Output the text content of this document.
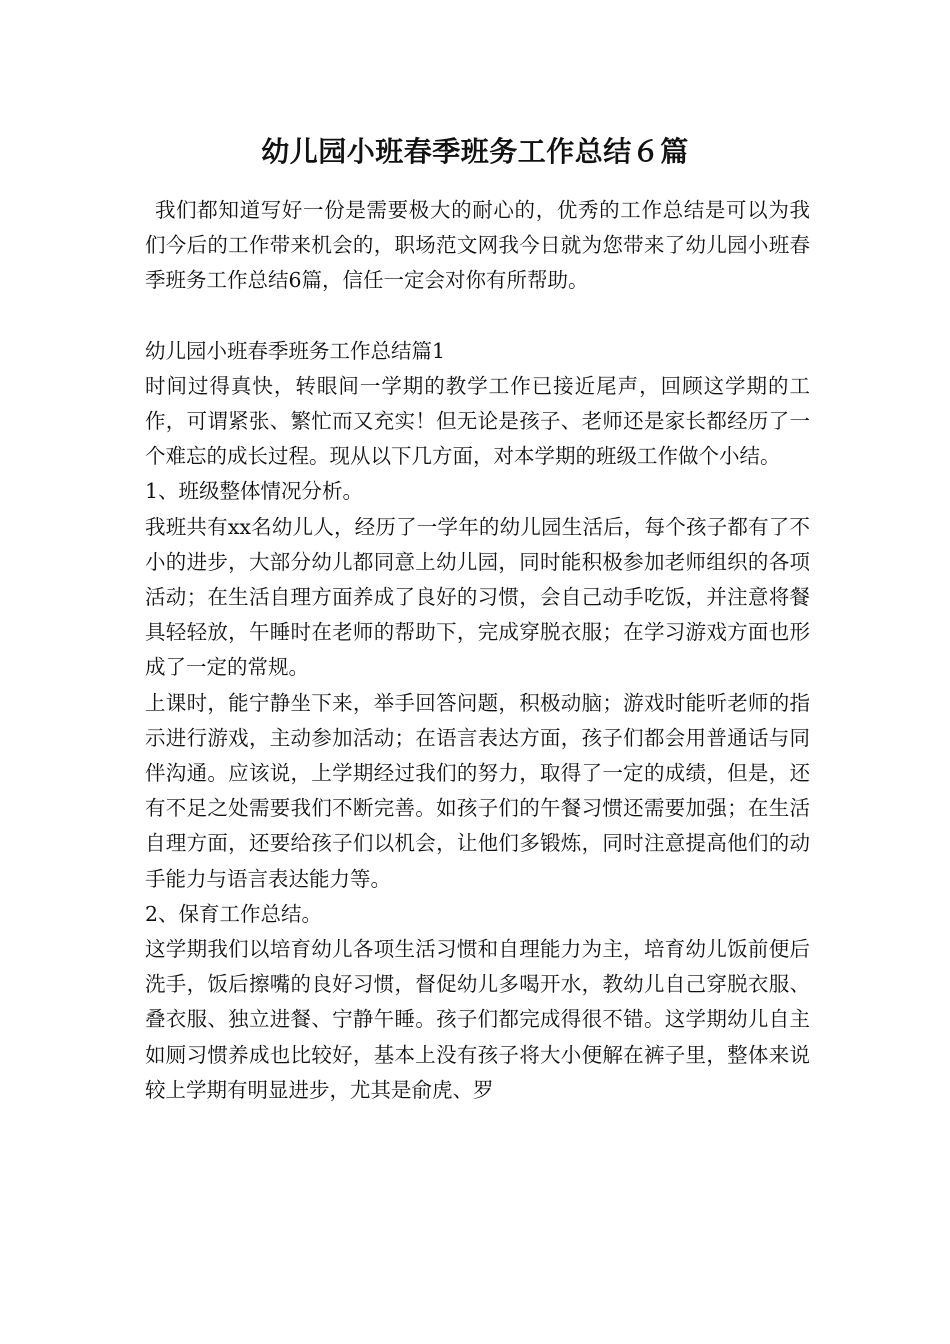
幼儿园小班春季班务工作总结６篇

我们都知道写好一份是需要极大的耐心的，优秀的工作总结是可以为我们今后的工作带来机会的，职场范文网我今日就为您带来了幼儿园小班春季班务工作总结6篇，信任一定会对你有所帮助。

幼儿园小班春季班务工作总结篇1

时间过得真快，转眼间一学期的教学工作已接近尾声，回顾这学期的工作，可谓紧张、繁忙而又充实！但无论是孩子、老师还是家长都经历了一个难忘的成长过程。现从以下几方面，对本学期的班级工作做个小结。

1、班级整体情况分析。

我班共有xx名幼儿人，经历了一学年的幼儿园生活后，每个孩子都有了不小的进步，大部分幼儿都同意上幼儿园，同时能积极参加老师组织的各项活动；在生活自理方面养成了良好的习惯，会自己动手吃饭，并注意将餐具轻轻放，午睡时在老师的帮助下，完成穿脱衣服；在学习游戏方面也形成了一定的常规。

上课时，能宁静坐下来，举手回答问题，积极动脑；游戏时能听老师的指示进行游戏，主动参加活动；在语言表达方面，孩子们都会用普通话与同伴沟通。应该说，上学期经过我们的努力，取得了一定的成绩，但是，还有不足之处需要我们不断完善。如孩子们的午餐习惯还需要加强；在生活自理方面，还要给孩子们以机会，让他们多锻炼，同时注意提高他们的动手能力与语言表达能力等。

2、保育工作总结。

这学期我们以培育幼儿各项生活习惯和自理能力为主，培育幼儿饭前便后洗手，饭后擦嘴的良好习惯，督促幼儿多喝开水，教幼儿自己穿脱衣服、叠衣服、独立进餐、宁静午睡。孩子们都完成得很不错。这学期幼儿自主如厕习惯养成也比较好，基本上没有孩子将大小便解在裤子里，整体来说较上学期有明显进步，尤其是俞虎、罗
